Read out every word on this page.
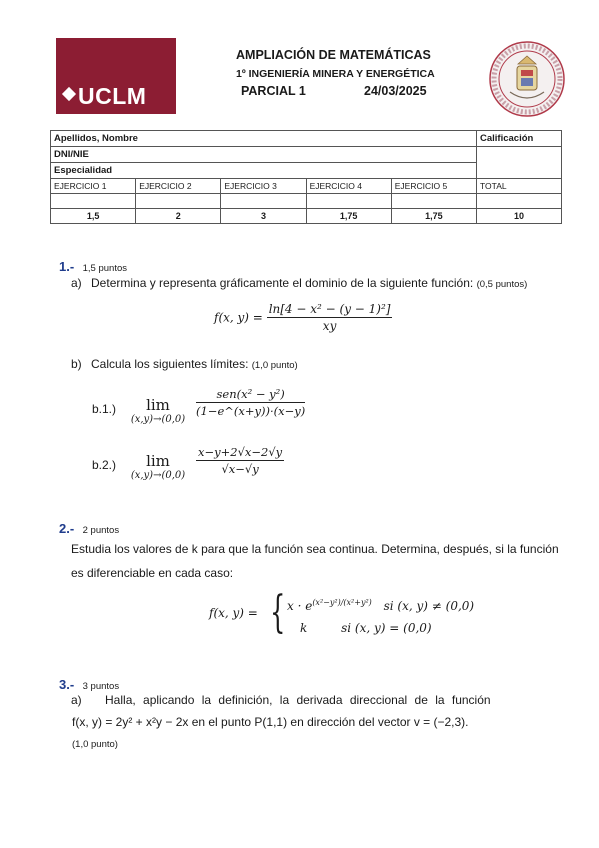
UCLM
AMPLIACIÓN DE MATEMÁTICAS
1º INGENIERÍA MINERA Y ENERGÉTICA
PARCIAL 1	24/03/2025
Apellidos, Nombre					Calificación
DNI/NIE					
Especialidad					
EJERCICIO 1	EJERCICIO 2	EJERCICIO 3	EJERCICIO 4	EJERCICIO 5	TOTAL

1,5	2	3	1,75	1,75	10
1.- 1,5 puntos
a) Determina y representa gráficamente el dominio de la siguiente función: (0,5 puntos)
f(x, $y) = \frac{\text{ln[4 − x² − (y − 1)²]}}{xy}$
b) Calcula los siguientes límites: (1,0 punto)
b.1.)	lim
(x,y)→(0,0)
$\frac{\text{sen(x² − y²)}}{(1-e\^{}(x+y))\cdot(x-y)}$
b.2.)	lim
$(x,y)\to(0,0) \frac{x-y+2√x-2√y}{√x-√y}$
2.- 2 puntos
Estudia los valores de k para que la función sea continua. Determina, después, si la función es diferenciable en cada caso:
f(x, y) = { $x \cdot e^{(x^2-y^2)/(x^2+y^2)}$ si (x, y) ≠ (0,0)
k	si (x, y) = (0,0)
3.- 3 puntos
a) Halla, aplicando la definición, la derivada direccional de la función
f(x, y) = 2y² + x²y − 2x en el punto P(1,1) en dirección del vector v = (−2,3).
(1,0 punto)
